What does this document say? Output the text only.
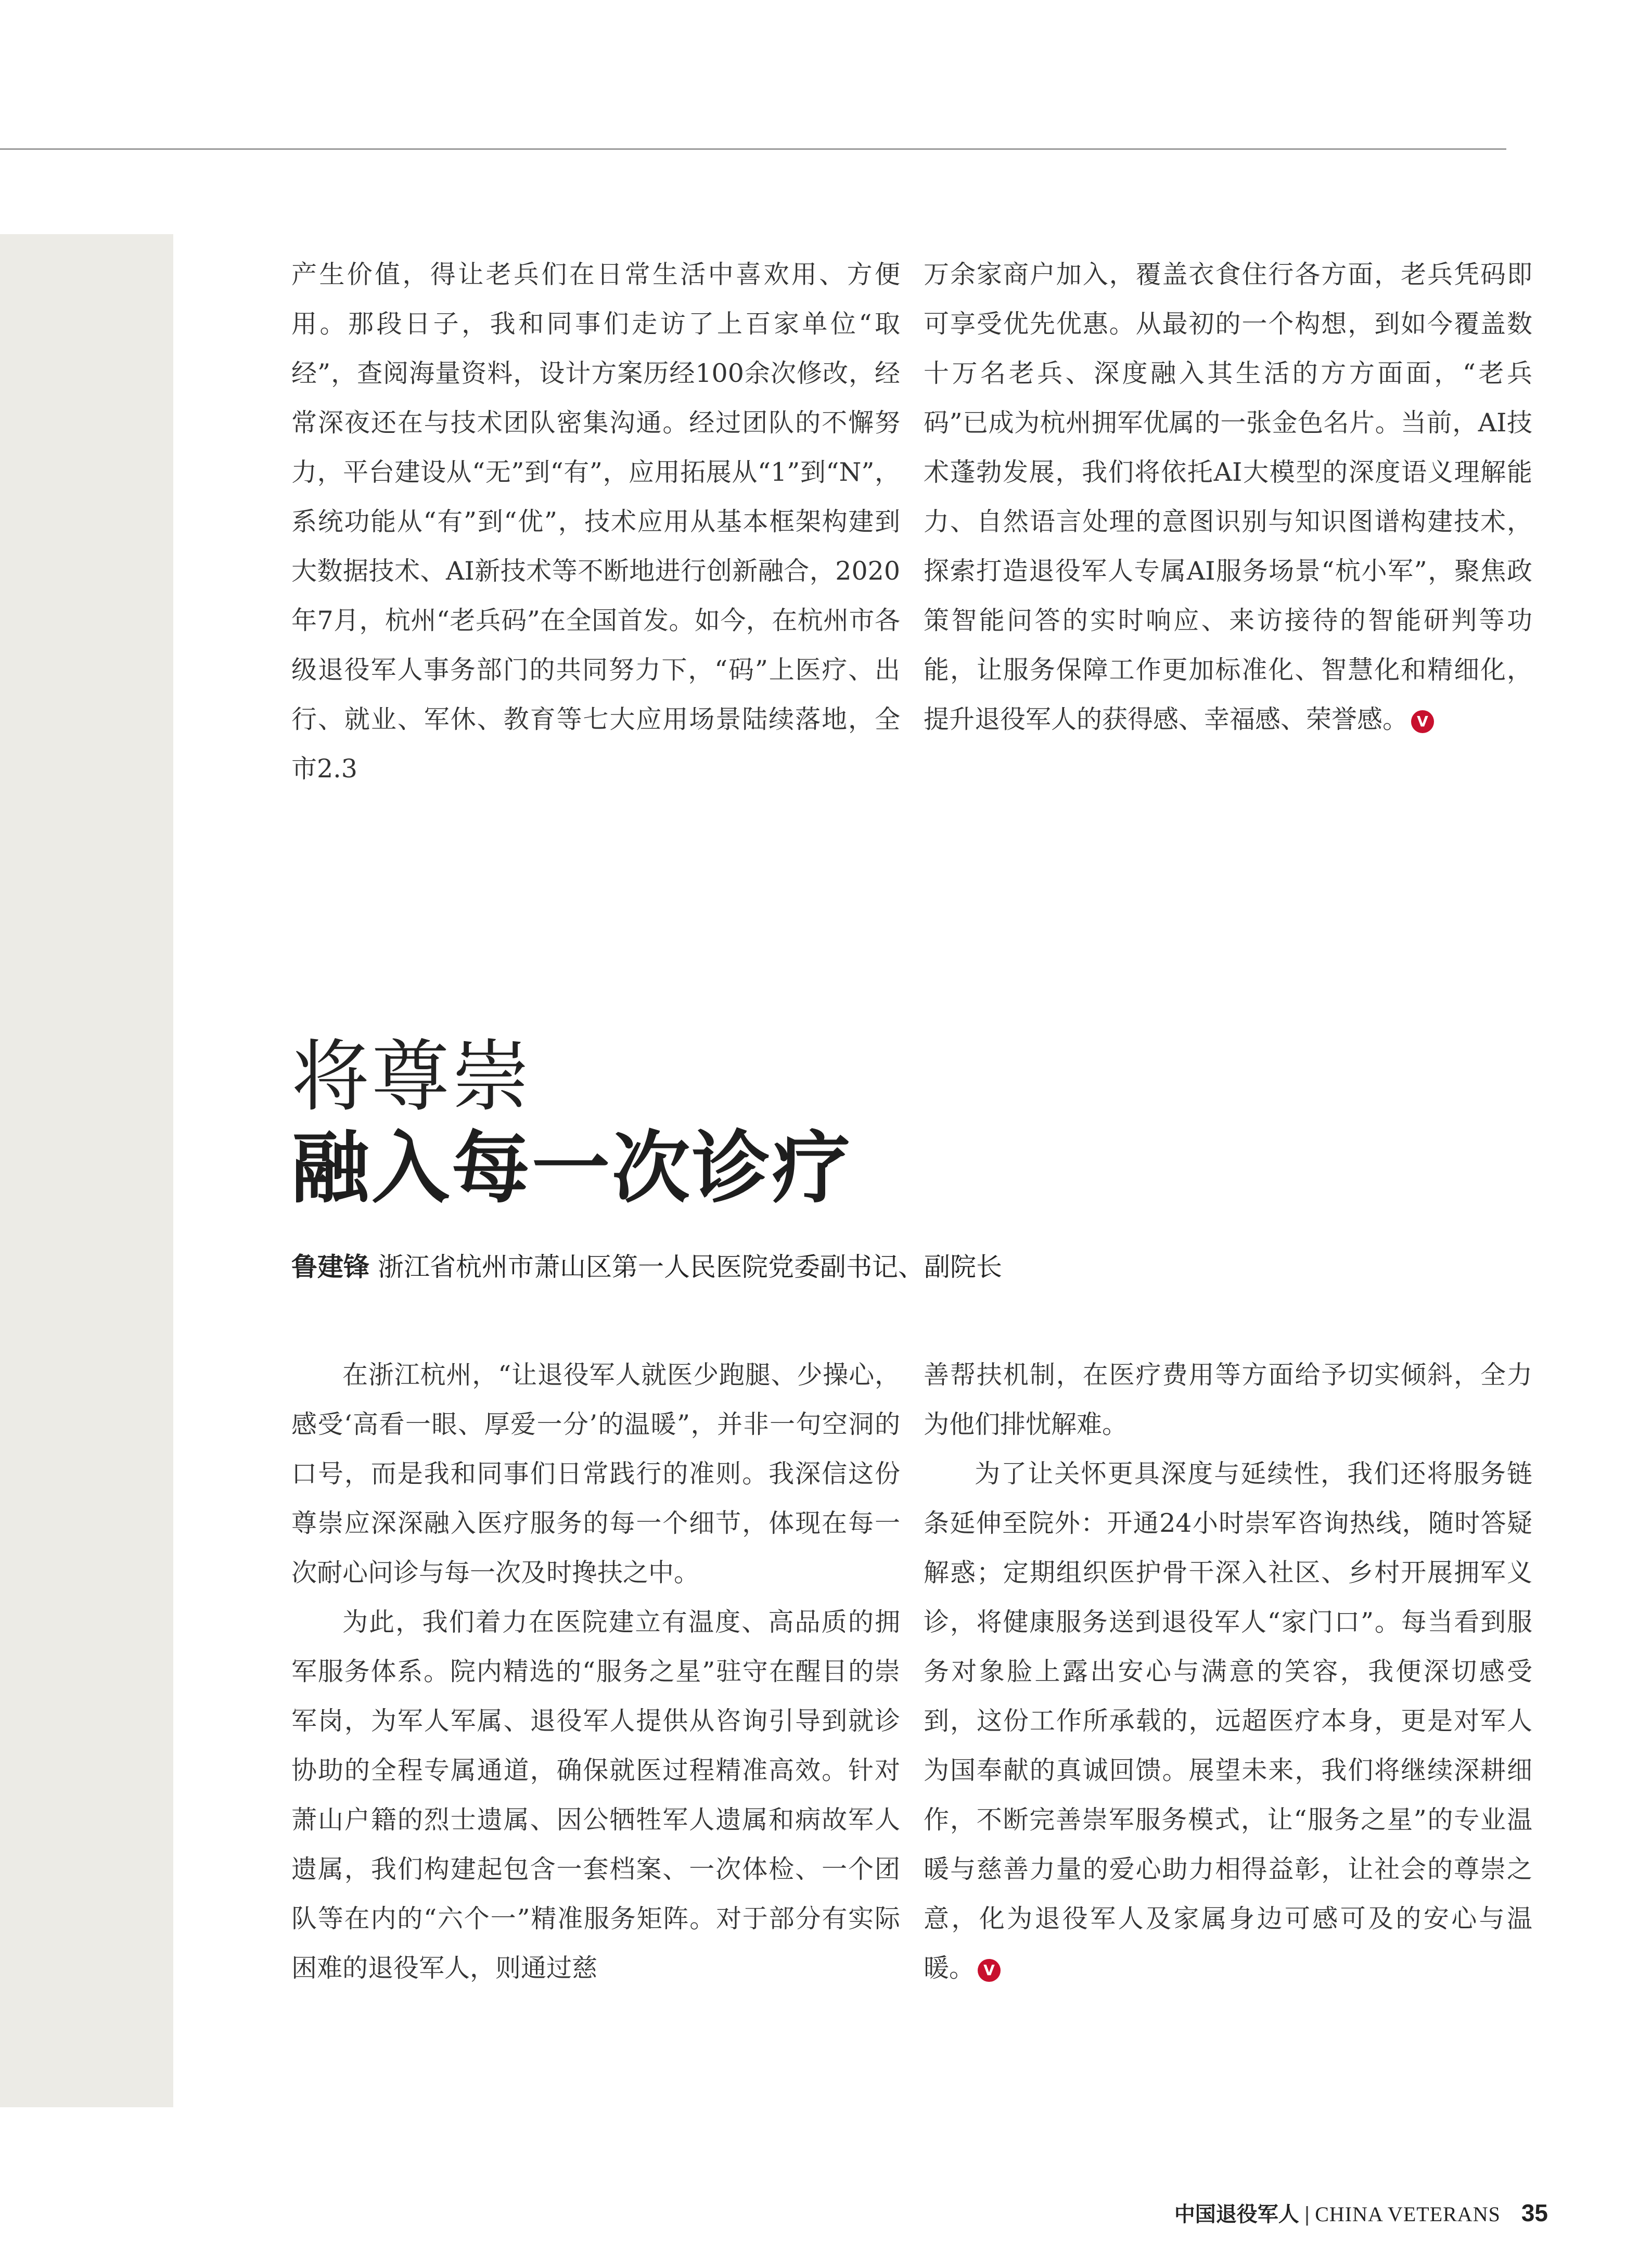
产生价值，得让老兵们在日常生活中喜欢用、方便用。那段日子，我和同事们走访了上百家单位“取经”，查阅海量资料，设计方案历经100余次修改，经常深夜还在与技术团队密集沟通。经过团队的不懈努力，平台建设从“无”到“有”，应用拓展从“1”到“N”，系统功能从“有”到“优”，技术应用从基本框架构建到大数据技术、AI新技术等不断地进行创新融合，2020年7月，杭州“老兵码”在全国首发。如今，在杭州市各级退役军人事务部门的共同努力下，“码”上医疗、出行、就业、军休、教育等七大应用场景陆续落地，全市2.3

万余家商户加入，覆盖衣食住行各方面，老兵凭码即可享受优先优惠。从最初的一个构想，到如今覆盖数十万名老兵、深度融入其生活的方方面面，“老兵码”已成为杭州拥军优属的一张金色名片。当前，AI技术蓬勃发展，我们将依托AI大模型的深度语义理解能力、自然语言处理的意图识别与知识图谱构建技术，探索打造退役军人专属AI服务场景“杭小军”，聚焦政策智能问答的实时响应、来访接待的智能研判等功能，让服务保障工作更加标准化、智慧化和精细化，提升退役军人的获得感、幸福感、荣誉感。 V

将尊崇
融入每一次诊疗
鲁建锋 浙江省杭州市萧山区第一人民医院党委副书记、副院长

在浙江杭州，“让退役军人就医少跑腿、少操心，感受‘高看一眼、厚爱一分’的温暖”，并非一句空洞的口号，而是我和同事们日常践行的准则。我深信这份尊崇应深深融入医疗服务的每一个细节，体现在每一次耐心问诊与每一次及时搀扶之中。

为此，我们着力在医院建立有温度、高品质的拥军服务体系。院内精选的“服务之星”驻守在醒目的崇军岗，为军人军属、退役军人提供从咨询引导到就诊协助的全程专属通道，确保就医过程精准高效。针对萧山户籍的烈士遗属、因公牺牲军人遗属和病故军人遗属，我们构建起包含一套档案、一次体检、一个团队等在内的“六个一”精准服务矩阵。对于部分有实际困难的退役军人，则通过慈

善帮扶机制，在医疗费用等方面给予切实倾斜，全力为他们排忧解难。

为了让关怀更具深度与延续性，我们还将服务链条延伸至院外：开通24小时崇军咨询热线，随时答疑解惑；定期组织医护骨干深入社区、乡村开展拥军义诊，将健康服务送到退役军人“家门口”。每当看到服务对象脸上露出安心与满意的笑容，我便深切感受到，这份工作所承载的，远超医疗本身，更是对军人为国奉献的真诚回馈。展望未来，我们将继续深耕细作，不断完善崇军服务模式，让“服务之星”的专业温暖与慈善力量的爱心助力相得益彰，让社会的尊崇之意，化为退役军人及家属身边可感可及的安心与温暖。 V

中国退役军人 | CHINA VETERANS 35
